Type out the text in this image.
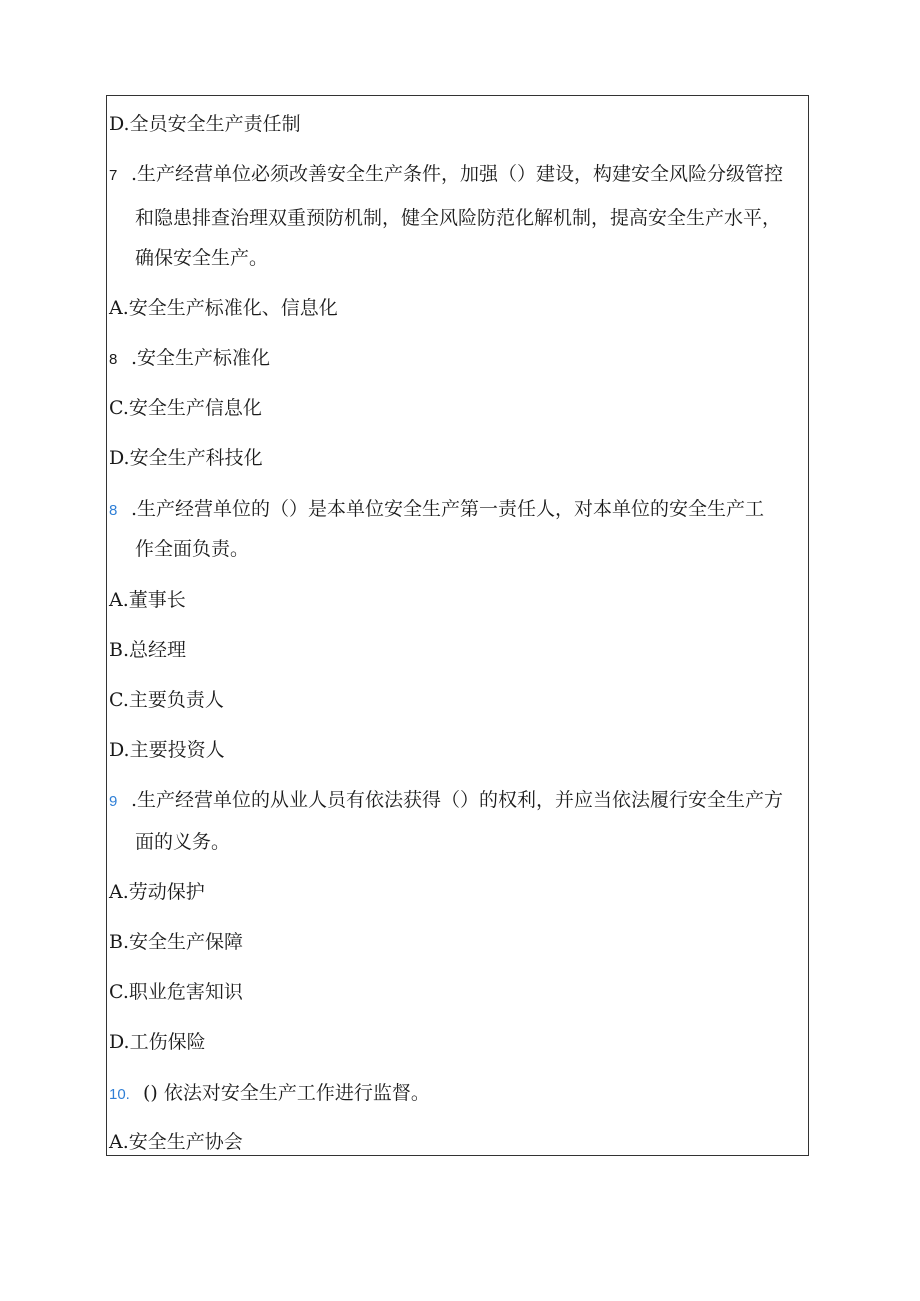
D.全员安全生产责任制
7 .生产经营单位必须改善安全生产条件，加强（）建设，构建安全风险分级管控
和隐患排查治理双重预防机制，健全风险防范化解机制，提高安全生产水平，
确保安全生产。
A.安全生产标准化、信息化
8 .安全生产标准化
C.安全生产信息化
D.安全生产科技化
8 .生产经营单位的（）是本单位安全生产第一责任人，对本单位的安全生产工
作全面负责。
A.董事长
B.总经理
C.主要负责人
D.主要投资人
9 .生产经营单位的从业人员有依法获得（）的权利，并应当依法履行安全生产方
面的义务。
A.劳动保护
B.安全生产保障
C.职业危害知识
D.工伤保险
10. () 依法对安全生产工作进行监督。
A.安全生产协会
